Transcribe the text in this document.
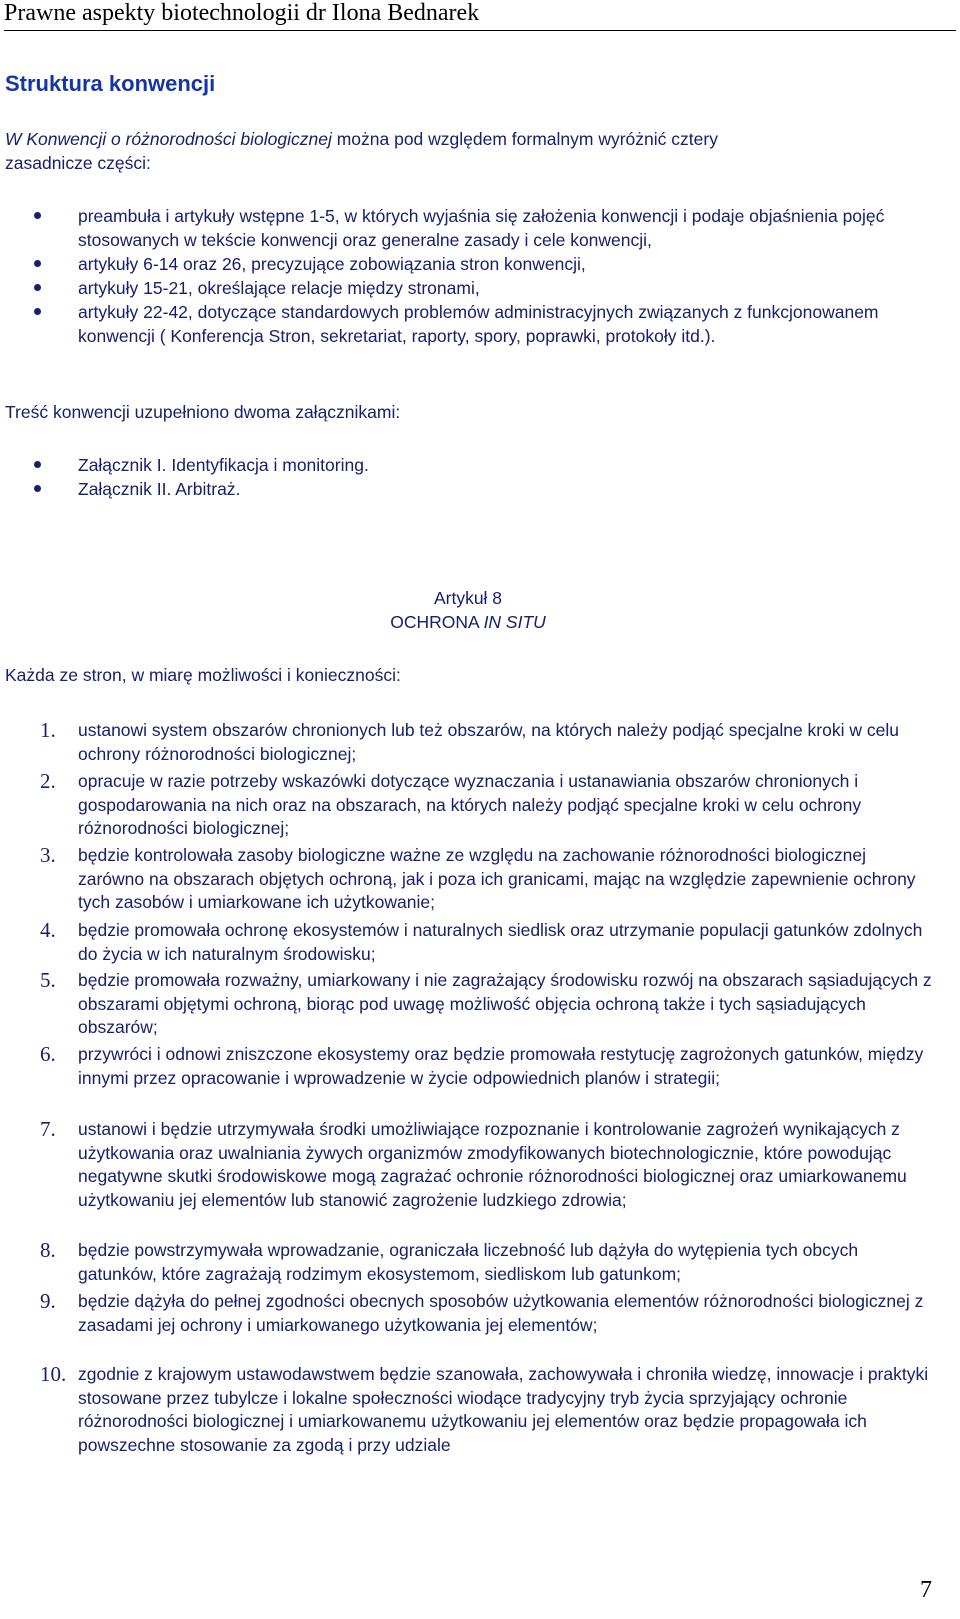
Prawne aspekty biotechnologii dr Ilona Bednarek
Struktura konwencji
W Konwencji o różnorodności biologicznej można pod względem formalnym wyróżnić cztery
zasadnicze części:
preambuła i artykuły wstępne 1-5, w których wyjaśnia się założenia konwencji i podaje objaśnienia pojęć stosowanych w tekście konwencji oraz generalne zasady i cele konwencji,
artykuły 6-14 oraz 26, precyzujące zobowiązania stron konwencji,
artykuły 15-21, określające relacje między stronami,
artykuły 22-42, dotyczące standardowych problemów administracyjnych związanych z funkcjonowanem konwencji ( Konferencja Stron, sekretariat, raporty, spory, poprawki, protokoły itd.).
Treść konwencji uzupełniono dwoma załącznikami:
Załącznik I. Identyfikacja i monitoring.
Załącznik II. Arbitraż.
Artykuł 8
OCHRONA IN SITU
Każda ze stron, w miarę możliwości i konieczności:
1. ustanowi system obszarów chronionych lub też obszarów, na których należy podjąć specjalne kroki w celu ochrony różnorodności biologicznej;
2. opracuje w razie potrzeby wskazówki dotyczące wyznaczania i ustanawiania obszarów chronionych i gospodarowania na nich oraz na obszarach, na których należy podjąć specjalne kroki w celu ochrony różnorodności biologicznej;
3. będzie kontrolowała zasoby biologiczne ważne ze względu na zachowanie różnorodności biologicznej zarówno na obszarach objętych ochroną, jak i poza ich granicami, mając na względzie zapewnienie ochrony tych zasobów i umiarkowane ich użytkowanie;
4. będzie promowała ochronę ekosystemów i naturalnych siedlisk oraz utrzymanie populacji gatunków zdolnych do życia w ich naturalnym środowisku;
5. będzie promowała rozważny, umiarkowany i nie zagrażający środowisku rozwój na obszarach sąsiadujących z obszarami objętymi ochroną, biorąc pod uwagę możliwość objęcia ochroną także i tych sąsiadujących obszarów;
6. przywróci i odnowi zniszczone ekosystemy oraz będzie promowała restytucję zagrożonych gatunków, między innymi przez opracowanie i wprowadzenie w życie odpowiednich planów i strategii;
7. ustanowi i będzie utrzymywała środki umożliwiające rozpoznanie i kontrolowanie zagrożeń wynikających z użytkowania oraz uwalniania żywych organizmów zmodyfikowanych biotechnologicznie, które powodując negatywne skutki środowiskowe mogą zagrażać ochronie różnorodności biologicznej oraz umiarkowanemu użytkowaniu jej elementów lub stanowić zagrożenie ludzkiego zdrowia;
8. będzie powstrzymywała wprowadzanie, ograniczała liczebność lub dążyła do wytępienia tych obcych gatunków, które zagrażają rodzimym ekosystemom, siedliskom lub gatunkom;
9. będzie dążyła do pełnej zgodności obecnych sposobów użytkowania elementów różnorodności biologicznej z zasadami jej ochrony i umiarkowanego użytkowania jej elementów;
10. zgodnie z krajowym ustawodawstwem będzie szanowała, zachowywała i chroniła wiedzę, innowacje i praktyki stosowane przez tubylcze i lokalne społeczności wiodące tradycyjny tryb życia sprzyjający ochronie różnorodności biologicznej i umiarkowanemu użytkowaniu jej elementów oraz będzie propagowała ich powszechne stosowanie za zgodą i przy udziale
7
